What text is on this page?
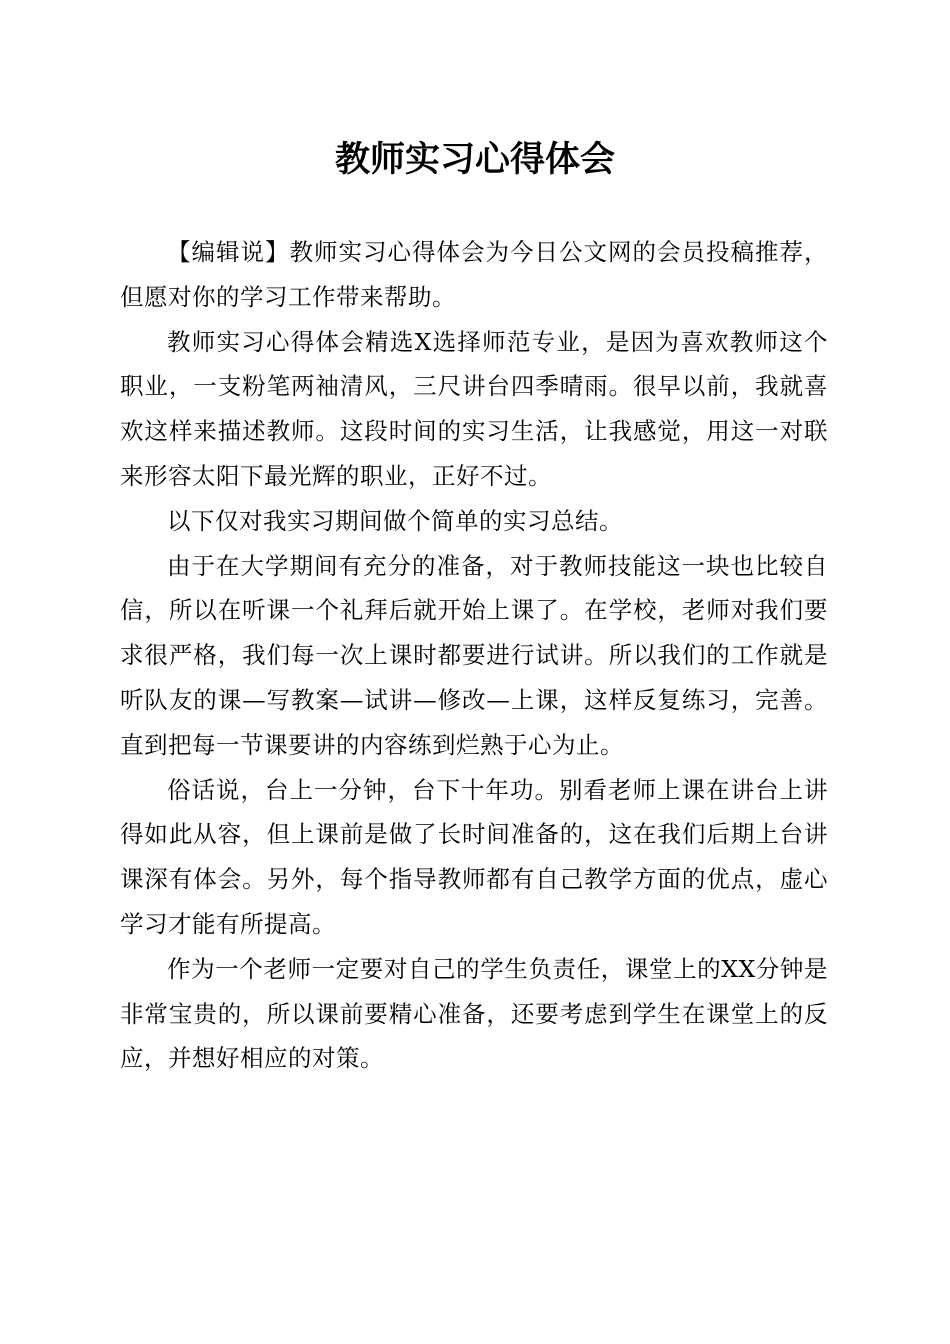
教师实习心得体会

【编辑说】教师实习心得体会为今日公文网的会员投稿推荐，但愿对你的学习工作带来帮助。

教师实习心得体会精选X选择师范专业，是因为喜欢教师这个职业，一支粉笔两袖清风，三尺讲台四季晴雨。很早以前，我就喜欢这样来描述教师。这段时间的实习生活，让我感觉，用这一对联来形容太阳下最光辉的职业，正好不过。

以下仅对我实习期间做个简单的实习总结。

由于在大学期间有充分的准备，对于教师技能这一块也比较自信，所以在听课一个礼拜后就开始上课了。在学校，老师对我们要求很严格，我们每一次上课时都要进行试讲。所以我们的工作就是听队友的课—写教案—试讲—修改—上课，这样反复练习，完善。直到把每一节课要讲的内容练到烂熟于心为止。

俗话说，台上一分钟，台下十年功。别看老师上课在讲台上讲得如此从容，但上课前是做了长时间准备的，这在我们后期上台讲课深有体会。另外，每个指导教师都有自己教学方面的优点，虚心学习才能有所提高。

作为一个老师一定要对自己的学生负责任，课堂上的XX分钟是非常宝贵的，所以课前要精心准备，还要考虑到学生在课堂上的反应，并想好相应的对策。
